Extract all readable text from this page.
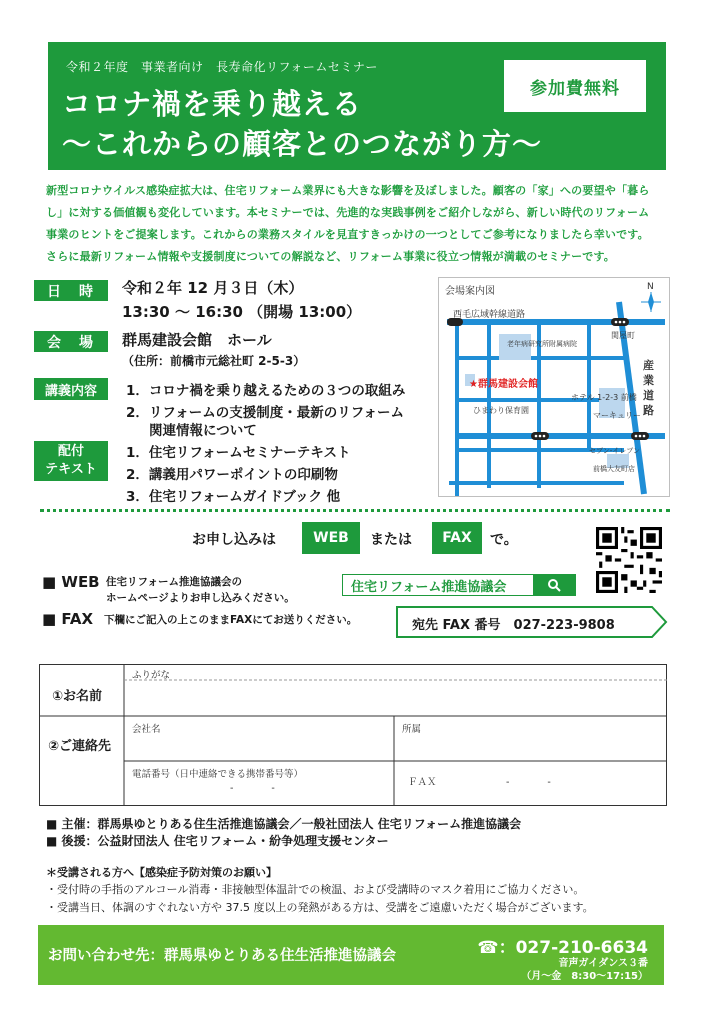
令和２年度　事業者向け　長寿命化リフォームセミナー
コロナ禍を乗り越える
〜これからの顧客とのつながり方〜
参加費無料
新型コロナウイルス感染症拡大は、住宅リフォーム業界にも大きな影響を及ぼしました。顧客の「家」への要望や「暮ら
し」に対する価値観も変化しています。本セミナーでは、先進的な実践事例をご紹介しながら、新しい時代のリフォーム
事業のヒントをご提案します。これからの業務スタイルを見直すきっかけの一つとしてご参考になりましたら幸いです。
さらに最新リフォーム情報や支援制度についての解説など、リフォーム事業に役立つ情報が満載のセミナーです。
日　時	令和２年 12 月３日（木）
13:30 〜 16:30 （開場 13:00）
会　場	群馬建設会館　ホール
（住所：前橋市元総社町 2-5-3）
講義内容	1．コロナ禍を乗り越えるための３つの取組み
2．リフォームの支援制度・最新のリフォーム
関連情報について
配付
テキスト
1．住宅リフォームセミナーテキスト
2．講義用パワーポイントの印刷物
3．住宅リフォームガイドブック 他
会場案内図	N
西毛広域幹線道路
関屋町
老年病研究所附属病院
★群馬建設会館
ひまわり保育園
ホテル 1-2-3 前橋
マーキュリー
産業道路
セブン-イレブン
前橋大友町店
お申し込みは	WEB	または	FAX	で。
■ WEB 住宅リフォーム推進協議会の
ホームページよりお申し込みください。
住宅リフォーム推進協議会
■ FAX 下欄にご記入の上このままFAXにてお送りください。	宛先 FAX 番号　027-223-9808
①お名前
ふりがな
②ご連絡先
会社名	所属
電話番号（日中連絡できる携帯番号等）
-　　　　-
ＦＡＸ	-　　　　-
■ 主催：群馬県ゆとりある住生活推進協議会／一般社団法人 住宅リフォーム推進協議会
■ 後援：公益財団法人 住宅リフォーム・紛争処理支援センター
＊受講される方へ【感染症予防対策のお願い】
・受付時の手指のアルコール消毒・非接触型体温計での検温、および受講時のマスク着用にご協力ください。
・受講当日、体調のすぐれない方や 37.5 度以上の発熱がある方は、受講をご遠慮いただく場合がございます。
お問い合わせ先：群馬県ゆとりある住生活推進協議会	☎：027-210-6634
音声ガイダンス３番
（月〜金　8:30〜17:15）
